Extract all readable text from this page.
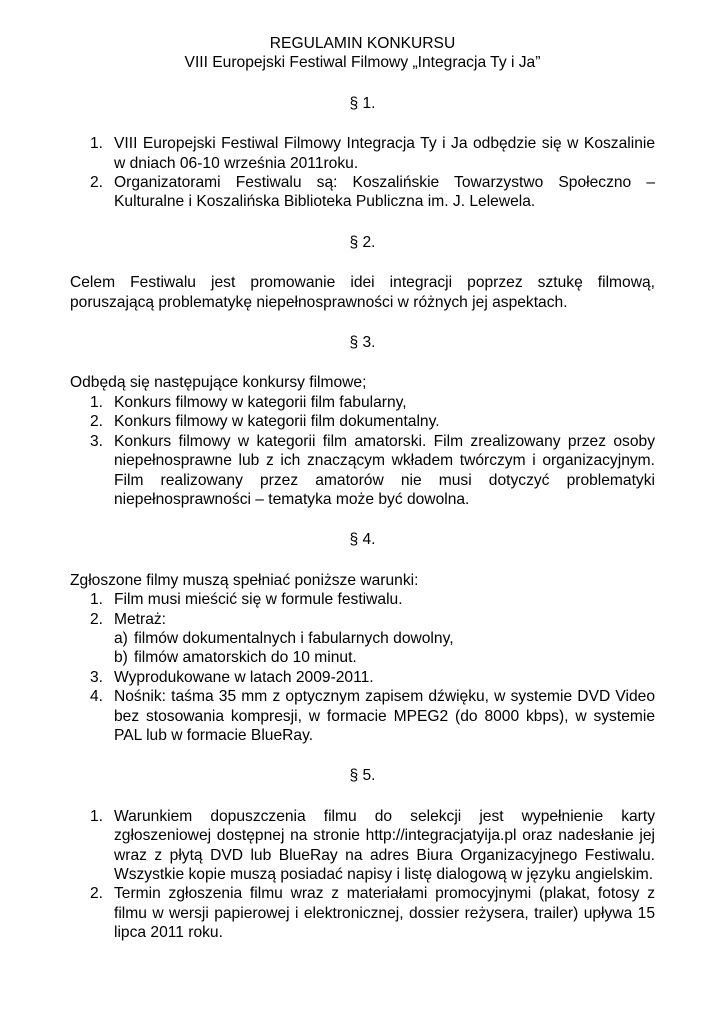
REGULAMIN KONKURSU

VIII Europejski Festiwal Filmowy „Integracja Ty i Ja”

§ 1.

1. VIII Europejski Festiwal Filmowy Integracja Ty i Ja odbędzie się w Koszalinie w dniach 06-10 września 2011roku.
2. Organizatorami Festiwalu są: Koszalińskie Towarzystwo Społeczno – Kulturalne i Koszalińska Biblioteka Publiczna im. J. Lelewela.

§ 2.

Celem Festiwalu jest promowanie idei integracji poprzez sztukę filmową, poruszającą problematykę niepełnosprawności w różnych jej aspektach.

§ 3.

Odbędą się następujące konkursy filmowe;

1. Konkurs filmowy w kategorii film fabularny,
2. Konkurs filmowy w kategorii film dokumentalny.
3. Konkurs filmowy w kategorii film amatorski. Film zrealizowany przez osoby niepełnosprawne lub z ich znaczącym wkładem twórczym i organizacyjnym. Film realizowany przez amatorów nie musi dotyczyć problematyki niepełnosprawności – tematyka może być dowolna.

§ 4.

Zgłoszone filmy muszą spełniać poniższe warunki:

1. Film musi mieścić się w formule festiwalu.
2. Metraż:
a) filmów dokumentalnych i fabularnych dowolny,
b) filmów amatorskich do 10 minut.
3. Wyprodukowane w latach 2009-2011.
4. Nośnik: taśma 35 mm z optycznym zapisem dźwięku, w systemie DVD Video bez stosowania kompresji, w formacie MPEG2 (do 8000 kbps), w systemie PAL lub w formacie BlueRay.

§ 5.

1. Warunkiem dopuszczenia filmu do selekcji jest wypełnienie karty zgłoszeniowej dostępnej na stronie http://integracjatyija.pl oraz nadesłanie jej wraz z płytą DVD lub BlueRay na adres Biura Organizacyjnego Festiwalu. Wszystkie kopie muszą posiadać napisy i listę dialogową w języku angielskim.
2. Termin zgłoszenia filmu wraz z materiałami promocyjnymi (plakat, fotosy z filmu w wersji papierowej i elektronicznej, dossier reżysera, trailer) upływa 15 lipca 2011 roku.
